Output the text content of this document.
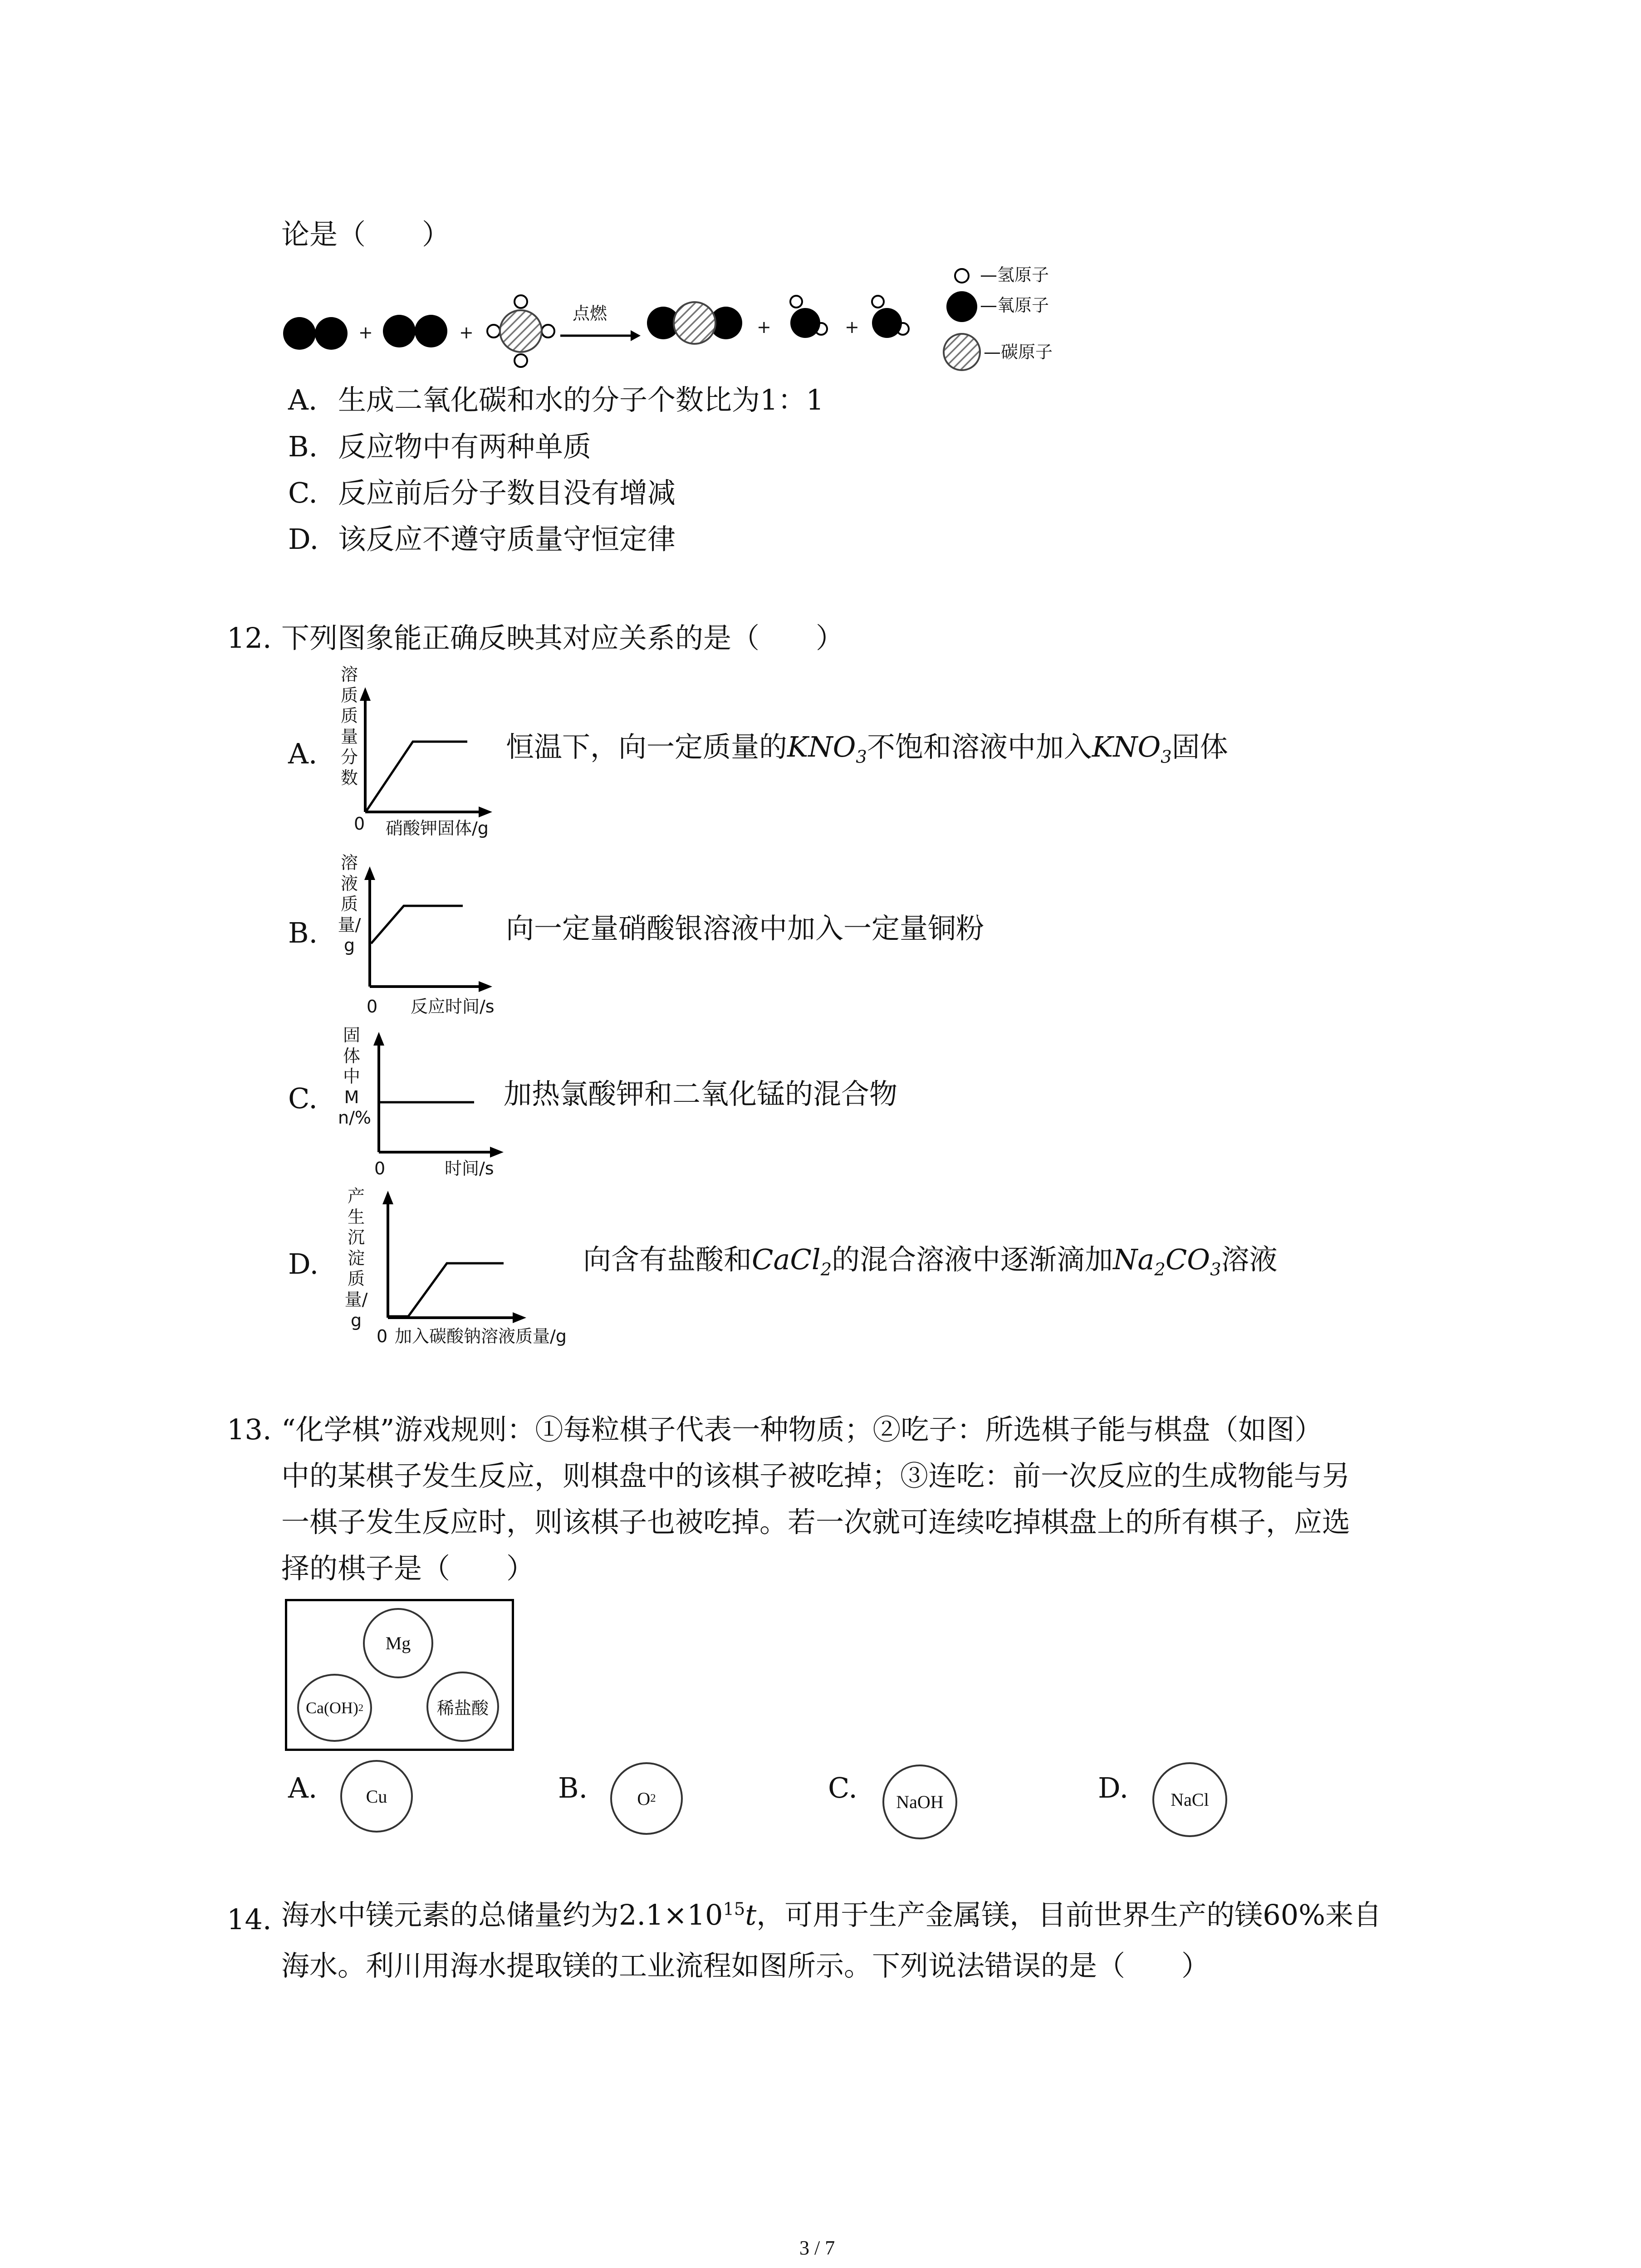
论是（　　）

+	+
点燃
+	+
—氢原子
—氧原子
—碳原子
A. 生成二氧化碳和水的分子个数比为1：1
B. 反应物中有两种单质
C. 反应前后分子数目没有增减
D. 该反应不遵守质量守恒定律
12. 下列图象能正确反映其对应关系的是（　　）
A.
溶质质量分数
0 硝酸钾固体/g

恒温下，向一定质量的$KNO_3$不饱和溶液中加入$KNO_3$固体

B.
溶液质量/g
0 反应时间/s
向一定量硝酸银溶液中加入一定量铜粉
C.
固体中Mn/%
0	时间/s
加热氯酸钾和二氧化锰的混合物
D.
产生沉淀质量/g
0 加入碳酸钠溶液质量/g

向含有盐酸和CaCl$_2$的混合溶液中逐渐滴加$Na_2CO_3$溶液

13. “化学棋”游戏规则：①每粒棋子代表一种物质；②吃子：所选棋子能与棋盘（如图）
中的某棋子发生反应，则棋盘中的该棋子被吃掉；③连吃：前一次反应的生成物能与另
一棋子发生反应时，则该棋子也被吃掉。若一次就可连续吃掉棋盘上的所有棋子，应选
择的棋子是（　　）
Mg
Ca(OH) 2	稀盐酸
A.	Cu	B.	O 2	C.	NaOH	D.	NaCl
14. 海水中镁元素的总储量约为$2.1\times 10^{15}t$，可用于生产金属镁，目前世界生产的镁60%来自

海水。利川用海水提取镁的工业流程如图所示。下列说法错误的是（　　）
3 / 7
